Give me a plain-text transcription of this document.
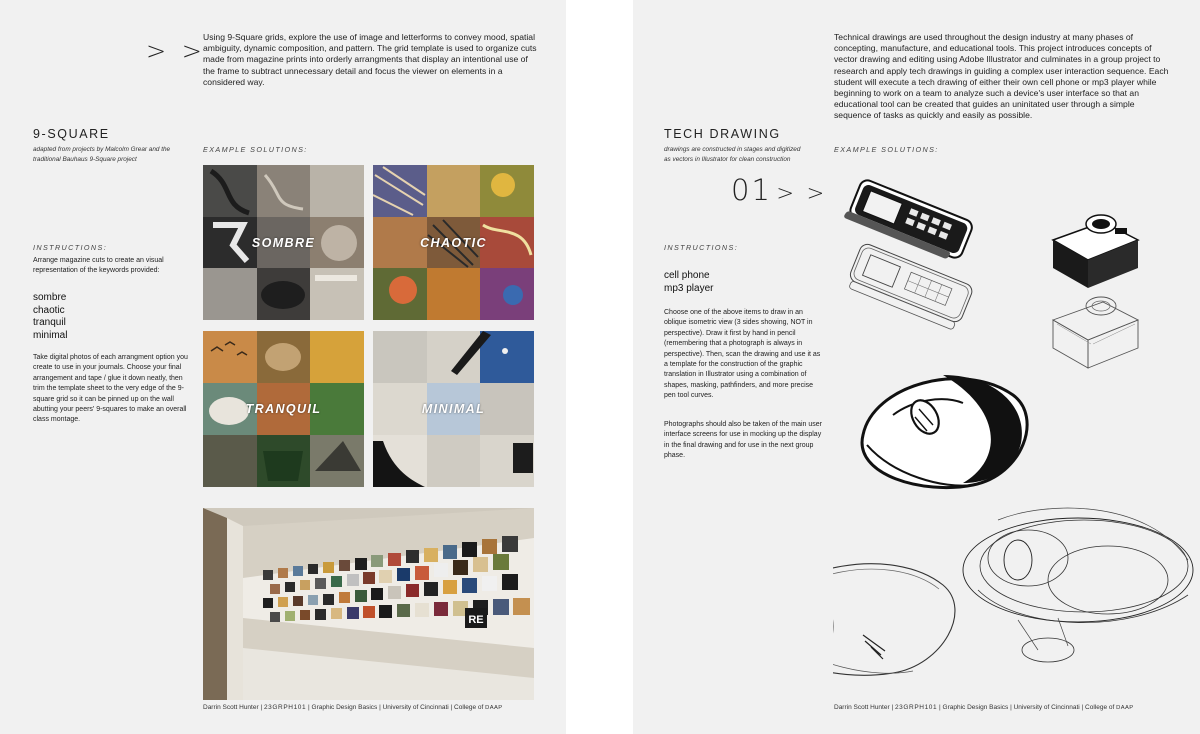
> >
Using 9-Square grids, explore the use of image and letterforms to convey mood, spatial ambiguity, dynamic composition, and pattern. The grid template is used to organize cuts made from magazine prints into orderly arrangments that display an intentional use of the frame to subtract unnecessary detail and focus the viewer on elements in a considered way.
9-SQUARE
adapted from projects by Malcolm Grear and the
traditional Bauhaus 9-Square project
EXAMPLE SOLUTIONS:
INSTRUCTIONS:
Arrange magazine cuts to create an visual representation of the keywords provided:
sombre
chaotic
tranquil
minimal
Take digital photos of each arrangment option you create to use in your journals. Choose your final arrangement and tape / glue it down neatly, then trim the template sheet to the very edge of the 9-square grid so it can be pinned up on the wall abutting your peers' 9-squares to make an overall class montage.
SOMBRE	CHAOTIC
TRANQUIL	MINIMAL
RE
Darrin Scott Hunter | 23GRPH101 | Graphic Design Basics | University of Cincinnati | College of DAAP
Technical drawings are used throughout the design industry at many phases of concepting, manufacture, and educational tools. This project introduces concepts of vector drawing and editing using Adobe Illustrator and culminates in a group project to research and apply tech drawings in guiding a complex user interaction sequence. Each student will execute a tech drawing of either their own cell phone or mp3 player while beginning to work on a team to analyze such a device's user interface so that an educational tool can be created that guides an uninitated user through a simple sequence of tasks as quickly and easily as possible.
TECH DRAWING
drawings are constructed in stages and digitized
as vectors in Illustrator for clean construction
EXAMPLE SOLUTIONS:
01 > >
INSTRUCTIONS:
cell phone
mp3 player
Choose one of the above items to draw in an oblique isometric view (3 sides showing, NOT in perspective). Draw it first by hand in pencil (remembering that a photograph is always in perspective). Then, scan the drawing and use it as a template for the construction of the graphic translation in Illustrator using a combination of shapes, masking, pathfinders, and more precise pen tool curves.
Photographs should also be taken of the main user interface screens for use in mocking up the display in the final drawing and for use in the next group phase.
Darrin Scott Hunter | 23GRPH101 | Graphic Design Basics | University of Cincinnati | College of DAAP
